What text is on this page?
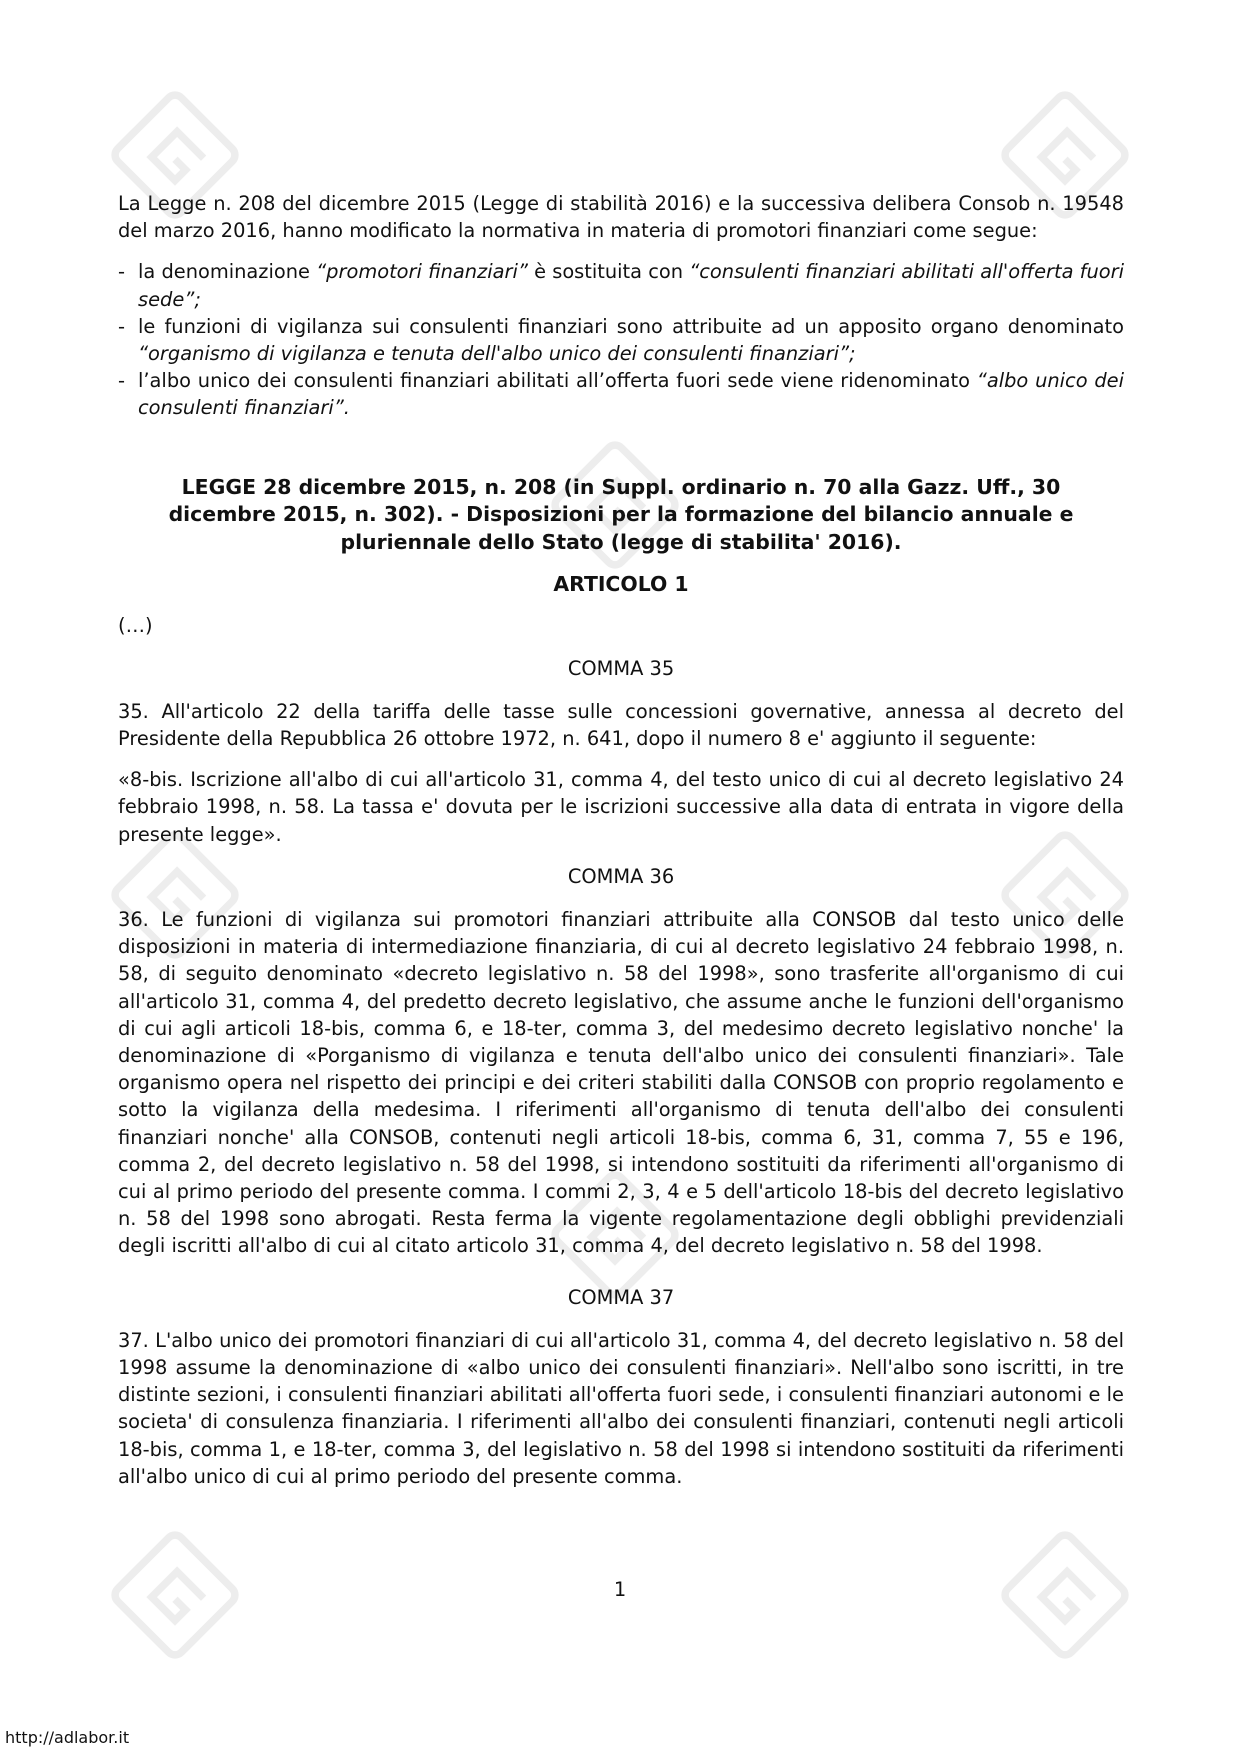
La Legge n. 208 del dicembre 2015 (Legge di stabilità 2016) e la successiva delibera Consob n. 19548 del marzo 2016, hanno modificato la normativa in materia di promotori finanziari come segue:

- la denominazione “promotori finanziari” è sostituita con “consulenti finanziari abilitati all'offerta fuori sede”;
- le funzioni di vigilanza sui consulenti finanziari sono attribuite ad un apposito organo denominato “organismo di vigilanza e tenuta dell'albo unico dei consulenti finanziari”;
- l’albo unico dei consulenti finanziari abilitati all’offerta fuori sede viene ridenominato “albo unico dei consulenti finanziari”.

LEGGE 28 dicembre 2015, n. 208 (in Suppl. ordinario n. 70 alla Gazz. Uff., 30 dicembre 2015, n. 302). - Disposizioni per la formazione del bilancio annuale e pluriennale dello Stato (legge di stabilita' 2016).

ARTICOLO 1

(…)

COMMA 35

35. All'articolo 22 della tariffa delle tasse sulle concessioni governative, annessa al decreto del Presidente della Repubblica 26 ottobre 1972, n. 641, dopo il numero 8 e' aggiunto il seguente:

«8-bis. Iscrizione all'albo di cui all'articolo 31, comma 4, del testo unico di cui al decreto legislativo 24 febbraio 1998, n. 58. La tassa e' dovuta per le iscrizioni successive alla data di entrata in vigore della presente legge».

COMMA 36

36. Le funzioni di vigilanza sui promotori finanziari attribuite alla CONSOB dal testo unico delle disposizioni in materia di intermediazione finanziaria, di cui al decreto legislativo 24 febbraio 1998, n. 58, di seguito denominato «decreto legislativo n. 58 del 1998», sono trasferite all'organismo di cui all'articolo 31, comma 4, del predetto decreto legislativo, che assume anche le funzioni dell'organismo di cui agli articoli 18-bis, comma 6, e 18-ter, comma 3, del medesimo decreto legislativo nonche' la denominazione di «Porganismo di vigilanza e tenuta dell'albo unico dei consulenti finanziari». Tale organismo opera nel rispetto dei principi e dei criteri stabiliti dalla CONSOB con proprio regolamento e sotto la vigilanza della medesima. I riferimenti all'organismo di tenuta dell'albo dei consulenti finanziari nonche' alla CONSOB, contenuti negli articoli 18-bis, comma 6, 31, comma 7, 55 e 196, comma 2, del decreto legislativo n. 58 del 1998, si intendono sostituiti da riferimenti all'organismo di cui al primo periodo del presente comma. I commi 2, 3, 4 e 5 dell'articolo 18-bis del decreto legislativo n. 58 del 1998 sono abrogati. Resta ferma la vigente regolamentazione degli obblighi previdenziali degli iscritti all'albo di cui al citato articolo 31, comma 4, del decreto legislativo n. 58 del 1998.

COMMA 37

37. L'albo unico dei promotori finanziari di cui all'articolo 31, comma 4, del decreto legislativo n. 58 del 1998 assume la denominazione di «albo unico dei consulenti finanziari». Nell'albo sono iscritti, in tre distinte sezioni, i consulenti finanziari abilitati all'offerta fuori sede, i consulenti finanziari autonomi e le societa' di consulenza finanziaria. I riferimenti all'albo dei consulenti finanziari, contenuti negli articoli 18-bis, comma 1, e 18-ter, comma 3, del legislativo n. 58 del 1998 si intendono sostituiti da riferimenti all'albo unico di cui al primo periodo del presente comma.

1
http://adlabor.it
